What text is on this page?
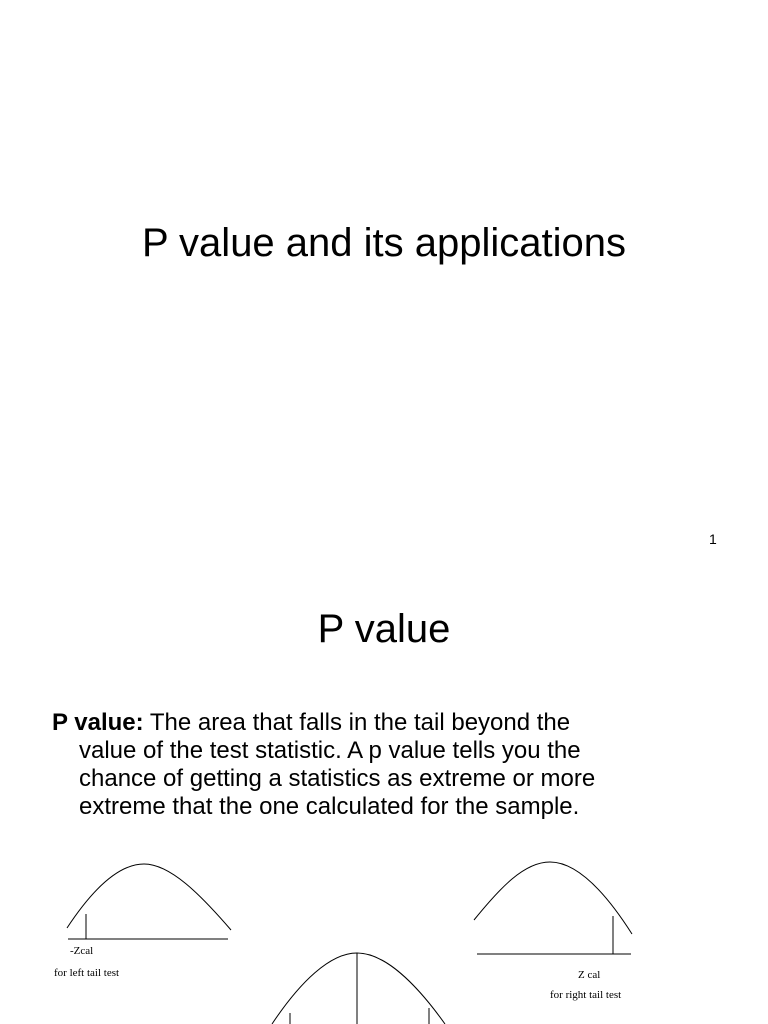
P value and its applications
1
P value
P value: The area that falls in the tail beyond the
value of the test statistic. A p value tells you the
chance of getting a statistics as extreme or more
extreme that the one calculated for the sample.
-Zcal
for left tail test	Z cal
for right tail test
